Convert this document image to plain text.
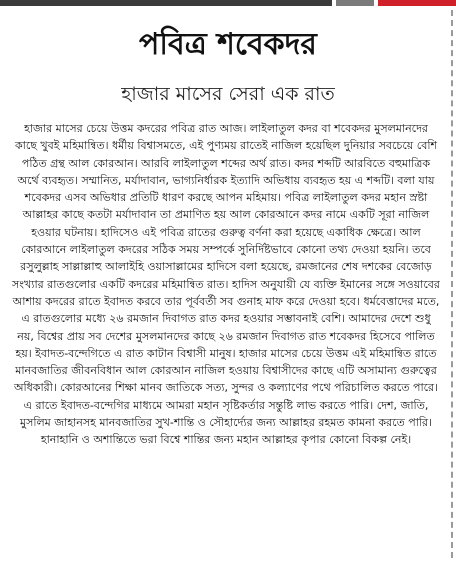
পবিত্র শবেকদর
হাজার মাসের সেরা এক রাত

হাজার মাসের চেয়ে উত্তম কদরের পবিত্র রাত আজ। লাইলাতুল কদর বা শবেকদর মুসলমানদের কাছে খুবই মহিমান্বিত। ধর্মীয় বিশ্বাসমতে, এই পুণ্যময় রাতেই নাজিল হয়েছিল দুনিয়ার সবচেয়ে বেশি পঠিত গ্রন্থ আল কোরআন। আরবি লাইলাতুল শব্দের অর্থ রাত। কদর শব্দটি আরবিতে বহুমাত্রিক অর্থে ব্যবহৃত। সম্মানিত, মর্যাদাবান, ভাগ্যনির্ধারক ইত্যাদি অভিধায় ব্যবহৃত হয় এ শব্দটি। বলা যায় শবেকদর এসব অভিধার প্রতিটি ধারণ করছে আপন মহিমায়। পবিত্র লাইলাতুল কদর মহান স্রষ্টা আল্লাহর কাছে কতটা মর্যাদাবান তা প্রমাণিত হয় আল কোরআনে কদর নামে একটি সূরা নাজিল হওয়ার ঘটনায়। হাদিসেও এই পবিত্র রাতের গুরুত্ব বর্ণনা করা হয়েছে একাধিক ক্ষেত্রে। আল কোরআনে লাইলাতুল কদরের সঠিক সময় সম্পর্কে সুনির্দিষ্টভাবে কোনো তথ্য দেওয়া হয়নি। তবে রসুলুল্লাহ সাল্লাল্লাহু আলাইহি ওয়াসাল্লামের হাদিসে বলা হয়েছে, রমজানের শেষ দশকের বেজোড় সংখ্যার রাতগুলোর একটি কদরের মহিমান্বিত রাত। হাদিস অনুযায়ী যে ব্যক্তি ইমানের সঙ্গে সওয়াবের আশায় কদরের রাতে ইবাদত করবে তার পূর্ববর্তী সব গুনাহ মাফ করে দেওয়া হবে। ধর্মবেত্তাদের মতে, এ রাতগুলোর মধ্যে ২৬ রমজান দিবাগত রাত কদর হওয়ার সম্ভাবনাই বেশি। আমাদের দেশে শুধু নয়, বিশ্বের প্রায় সব দেশের মুসলমানদের কাছে ২৬ রমজান দিবাগত রাত শবেকদর হিসেবে পালিত হয়। ইবাদত-বন্দেগিতে এ রাত কাটান বিশ্বাসী মানুষ। হাজার মাসের চেয়ে উত্তম এই মহিমান্বিত রাতে মানবজাতির জীবনবিধান আল কোরআন নাজিল হওয়ায় বিশ্বাসীদের কাছে এটি অসামান্য গুরুত্বের অধিকারী। কোরআনের শিক্ষা মানব জাতিকে সত্য, সুন্দর ও কল্যাণের পথে পরিচালিত করতে পারে। এ রাতে ইবাদত-বন্দেগির মাধ্যমে আমরা মহান সৃষ্টিকর্তার সন্তুষ্টি লাভ করতে পারি। দেশ, জাতি, মুসলিম জাহানসহ মানবজাতির সুখ-শান্তি ও সৌহার্দ্যের জন্য আল্লাহর রহমত কামনা করতে পারি। হানাহানি ও অশান্তিতে ভরা বিশ্বে শান্তির জন্য মহান আল্লাহর কৃপার কোনো বিকল্প নেই।
